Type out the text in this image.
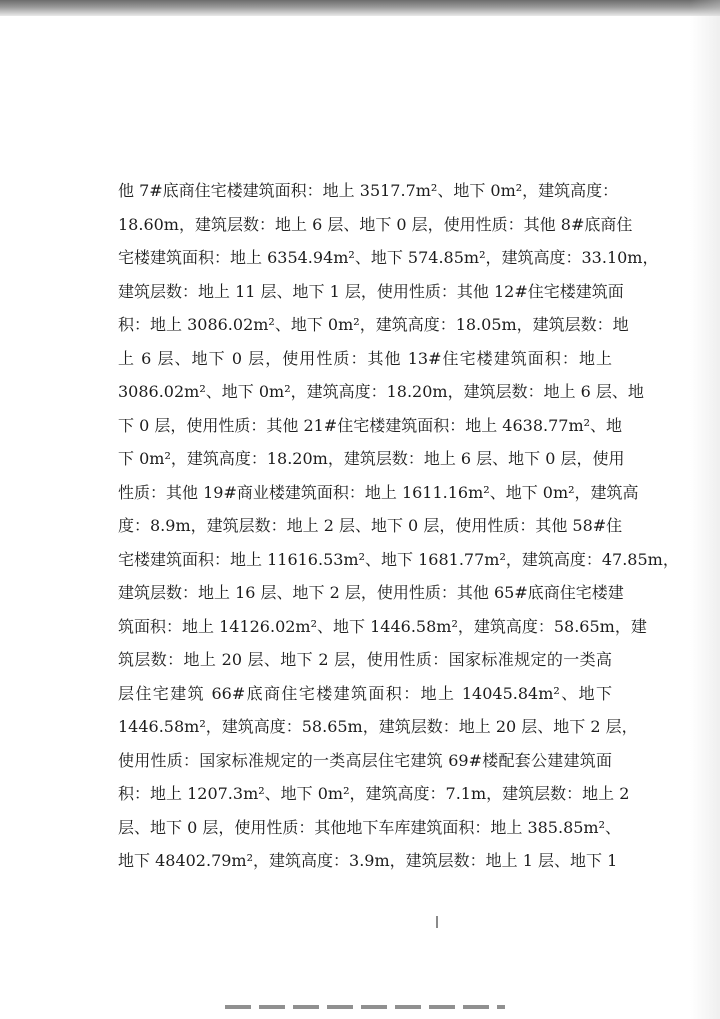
他 7#底商住宅楼建筑面积：地上 3517.7m²、地下 0m²，建筑高度：
18.60m，建筑层数：地上 6 层、地下 0 层，使用性质：其他 8#底商住
宅楼建筑面积：地上 6354.94m²、地下 574.85m²，建筑高度：33.10m，
建筑层数：地上 11 层、地下 1 层，使用性质：其他 12#住宅楼建筑面
积：地上 3086.02m²、地下 0m²，建筑高度：18.05m，建筑层数：地
上 6 层、地下 0 层，使用性质：其他 13#住宅楼建筑面积：地上
3086.02m²、地下 0m²，建筑高度：18.20m，建筑层数：地上 6 层、地
下 0 层，使用性质：其他 21#住宅楼建筑面积：地上 4638.77m²、地
下 0m²，建筑高度：18.20m，建筑层数：地上 6 层、地下 0 层，使用
性质：其他 19#商业楼建筑面积：地上 1611.16m²、地下 0m²，建筑高
度：8.9m，建筑层数：地上 2 层、地下 0 层，使用性质：其他 58#住
宅楼建筑面积：地上 11616.53m²、地下 1681.77m²，建筑高度：47.85m，
建筑层数：地上 16 层、地下 2 层，使用性质：其他 65#底商住宅楼建
筑面积：地上 14126.02m²、地下 1446.58m²，建筑高度：58.65m，建
筑层数：地上 20 层、地下 2 层，使用性质：国家标准规定的一类高
层住宅建筑 66#底商住宅楼建筑面积：地上 14045.84m²、地下
1446.58m²，建筑高度：58.65m，建筑层数：地上 20 层、地下 2 层，
使用性质：国家标准规定的一类高层住宅建筑 69#楼配套公建建筑面
积：地上 1207.3m²、地下 0m²，建筑高度：7.1m，建筑层数：地上 2
层、地下 0 层，使用性质：其他地下车库建筑面积：地上 385.85m²、
地下 48402.79m²，建筑高度：3.9m，建筑层数：地上 1 层、地下 1
